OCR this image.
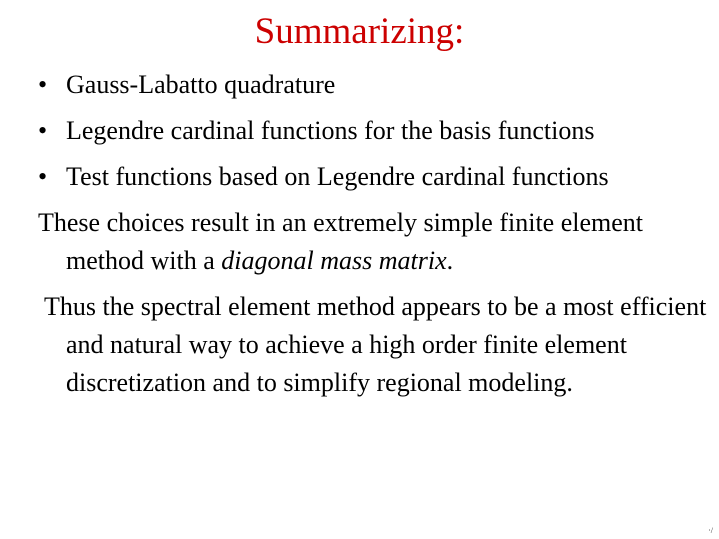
Summarizing:
• Gauss-Labatto quadrature
• Legendre cardinal functions for the basis functions
• Test functions based on Legendre cardinal functions

These choices result in an extremely simple finite element method with a diagonal mass matrix.

Thus the spectral element method appears to be a most efficient and natural way to achieve a high order finite element discretization and to simplify regional modeling.

·/
